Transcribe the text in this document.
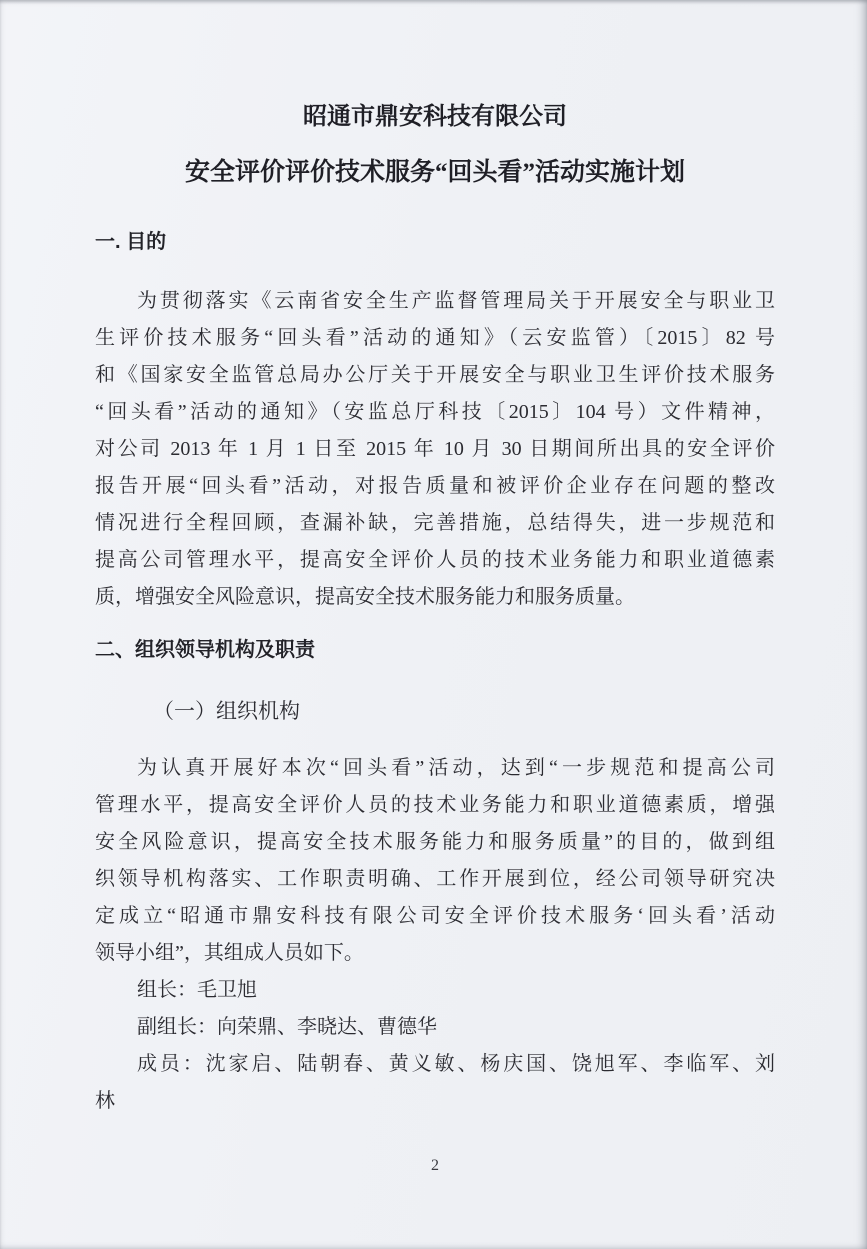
昭通市鼎安科技有限公司
安全评价评价技术服务“回头看”活动实施计划
一. 目的
为贯彻落实《云南省安全生产监督管理局关于开展安全与职业卫
生评价技术服务“回头看”活动的通知》（云安监管）〔2015〕82 号
和《国家安全监管总局办公厅关于开展安全与职业卫生评价技术服务
“回头看”活动的通知》（安监总厅科技〔2015〕104 号）文件精神，
对公司 2013 年 1 月 1 日至 2015 年 10 月 30 日期间所出具的安全评价
报告开展“回头看”活动，对报告质量和被评价企业存在问题的整改
情况进行全程回顾，查漏补缺，完善措施，总结得失，进一步规范和
提高公司管理水平，提高安全评价人员的技术业务能力和职业道德素
质，增强安全风险意识，提高安全技术服务能力和服务质量。
二、组织领导机构及职责
（一）组织机构
为认真开展好本次“回头看”活动，达到“一步规范和提高公司
管理水平，提高安全评价人员的技术业务能力和职业道德素质，增强
安全风险意识，提高安全技术服务能力和服务质量”的目的，做到组
织领导机构落实、工作职责明确、工作开展到位，经公司领导研究决
定成立“昭通市鼎安科技有限公司安全评价技术服务‘回头看’活动
领导小组”，其组成人员如下。
组长：毛卫旭
副组长：向荣鼎、李晓达、曹德华
成员：沈家启、陆朝春、黄义敏、杨庆国、饶旭军、李临军、刘
林
2
